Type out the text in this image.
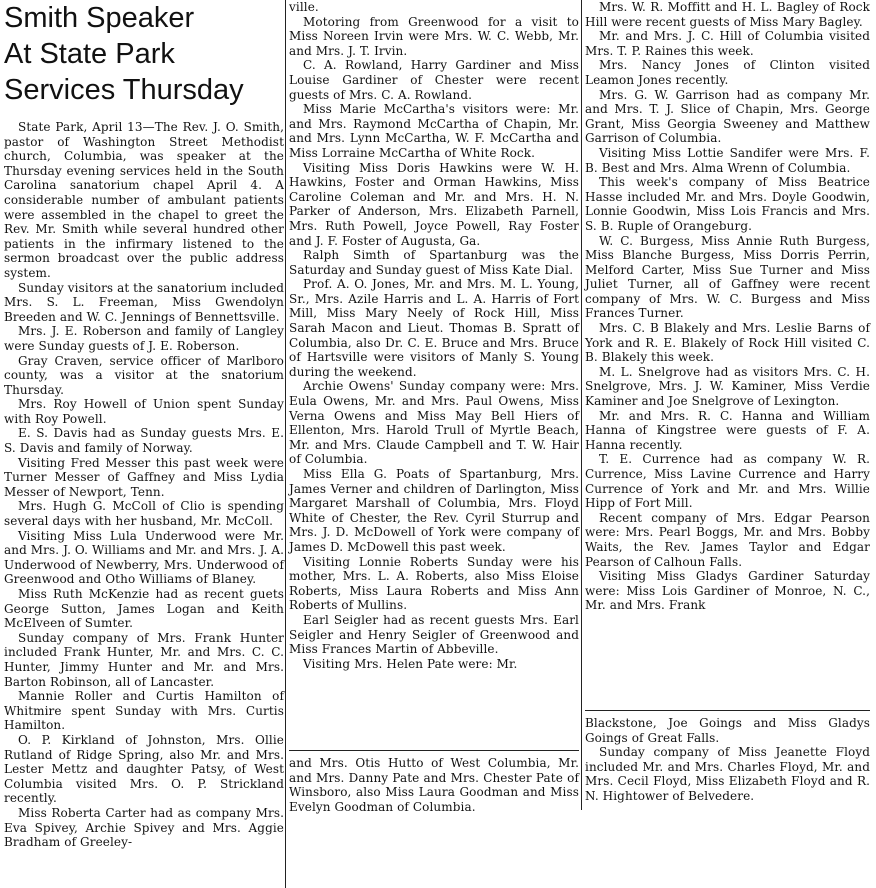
Smith Speaker
At State Park
Services Thursday

State Park, April 13—The Rev. J. O. Smith, pastor of Washington Street Methodist church, Columbia, was speaker at the Thursday evening services held in the South Carolina sanatorium chapel April 4. A considerable number of ambulant patients were assembled in the chapel to greet the Rev. Mr. Smith while several hundred other patients in the infirmary listened to the sermon broadcast over the public address system.

Sunday visitors at the sanatorium included Mrs. S. L. Freeman, Miss Gwendolyn Breeden and W. C. Jennings of Bennettsville.

Mrs. J. E. Roberson and family of Langley were Sunday guests of J. E. Roberson.

Gray Craven, service officer of Marlboro county, was a visitor at the snatorium Thursday.

Mrs. Roy Howell of Union spent Sunday with Roy Powell.

E. S. Davis had as Sunday guests Mrs. E. S. Davis and family of Norway.

Visiting Fred Messer this past week were Turner Messer of Gaffney and Miss Lydia Messer of Newport, Tenn.

Mrs. Hugh G. McColl of Clio is spending several days with her husband, Mr. McColl.

Visiting Miss Lula Underwood were Mr. and Mrs. J. O. Williams and Mr. and Mrs. J. A. Underwood of Newberry, Mrs. Underwood of Greenwood and Otho Williams of Blaney.

Miss Ruth McKenzie had as recent guets George Sutton, James Logan and Keith McElveen of Sumter.

Sunday company of Mrs. Frank Hunter included Frank Hunter, Mr. and Mrs. C. C. Hunter, Jimmy Hunter and Mr. and Mrs. Barton Robinson, all of Lancaster.

Mannie Roller and Curtis Hamilton of Whitmire spent Sunday with Mrs. Curtis Hamilton.

O. P. Kirkland of Johnston, Mrs. Ollie Rutland of Ridge Spring, also Mr. and Mrs. Lester Mettz and daughter Patsy, of West Columbia visited Mrs. O. P. Strickland recently.

Miss Roberta Carter had as company Mrs. Eva Spivey, Archie Spivey and Mrs. Aggie Bradham of Greeley-

ville.

Motoring from Greenwood for a visit to Miss Noreen Irvin were Mrs. W. C. Webb, Mr. and Mrs. J. T. Irvin.

C. A. Rowland, Harry Gardiner and Miss Louise Gardiner of Chester were recent guests of Mrs. C. A. Rowland.

Miss Marie McCartha's visitors were: Mr. and Mrs. Raymond McCartha of Chapin, Mr. and Mrs. Lynn McCartha, W. F. McCartha and Miss Lorraine McCartha of White Rock.

Visiting Miss Doris Hawkins were W. H. Hawkins, Foster and Orman Hawkins, Miss Caroline Coleman and Mr. and Mrs. H. N. Parker of Anderson, Mrs. Elizabeth Parnell, Mrs. Ruth Powell, Joyce Powell, Ray Foster and J. F. Foster of Augusta, Ga.

Ralph Simth of Spartanburg was the Saturday and Sunday guest of Miss Kate Dial.

Prof. A. O. Jones, Mr. and Mrs. M. L. Young, Sr., Mrs. Azile Harris and L. A. Harris of Fort Mill, Miss Mary Neely of Rock Hill, Miss Sarah Macon and Lieut. Thomas B. Spratt of Columbia, also Dr. C. E. Bruce and Mrs. Bruce of Hartsville were visitors of Manly S. Young during the weekend.

Archie Owens' Sunday company were: Mrs. Eula Owens, Mr. and Mrs. Paul Owens, Miss Verna Owens and Miss May Bell Hiers of Ellenton, Mrs. Harold Trull of Myrtle Beach, Mr. and Mrs. Claude Campbell and T. W. Hair of Columbia.

Miss Ella G. Poats of Spartanburg, Mrs. James Verner and children of Darlington, Miss Margaret Marshall of Columbia, Mrs. Floyd White of Chester, the Rev. Cyril Sturrup and Mrs. J. D. McDowell of York were company of James D. McDowell this past week.

Visiting Lonnie Roberts Sunday were his mother, Mrs. L. A. Roberts, also Miss Eloise Roberts, Miss Laura Roberts and Miss Ann Roberts of Mullins.

Earl Seigler had as recent guests Mrs. Earl Seigler and Henry Seigler of Greenwood and Miss Frances Martin of Abbeville.

Visiting Mrs. Helen Pate were: Mr.

and Mrs. Otis Hutto of West Columbia, Mr. and Mrs. Danny Pate and Mrs. Chester Pate of Winsboro, also Miss Laura Goodman and Miss Evelyn Goodman of Columbia.

Mrs. W. R. Moffitt and H. L. Bagley of Rock Hill were recent guests of Miss Mary Bagley.

Mr. and Mrs. J. C. Hill of Columbia visited Mrs. T. P. Raines this week.

Mrs. Nancy Jones of Clinton visited Leamon Jones recently.

Mrs. G. W. Garrison had as company Mr. and Mrs. T. J. Slice of Chapin, Mrs. George Grant, Miss Georgia Sweeney and Matthew Garrison of Columbia.

Visiting Miss Lottie Sandifer were Mrs. F. B. Best and Mrs. Alma Wrenn of Columbia.

This week's company of Miss Beatrice Hasse included Mr. and Mrs. Doyle Goodwin, Lonnie Goodwin, Miss Lois Francis and Mrs. S. B. Ruple of Orangeburg.

W. C. Burgess, Miss Annie Ruth Burgess, Miss Blanche Burgess, Miss Dorris Perrin, Melford Carter, Miss Sue Turner and Miss Juliet Turner, all of Gaffney were recent company of Mrs. W. C. Burgess and Miss Frances Turner.

Mrs. C. B Blakely and Mrs. Leslie Barns of York and R. E. Blakely of Rock Hill visited C. B. Blakely this week.

M. L. Snelgrove had as visitors Mrs. C. H. Snelgrove, Mrs. J. W. Kaminer, Miss Verdie Kaminer and Joe Snelgrove of Lexington.

Mr. and Mrs. R. C. Hanna and William Hanna of Kingstree were guests of F. A. Hanna recently.

T. E. Currence had as company W. R. Currence, Miss Lavine Currence and Harry Currence of York and Mr. and Mrs. Willie Hipp of Fort Mill.

Recent company of Mrs. Edgar Pearson were: Mrs. Pearl Boggs, Mr. and Mrs. Bobby Waits, the Rev. James Taylor and Edgar Pearson of Calhoun Falls.

Visiting Miss Gladys Gardiner Saturday were: Miss Lois Gardiner of Monroe, N. C., Mr. and Mrs. Frank

Blackstone, Joe Goings and Miss Gladys Goings of Great Falls.

Sunday company of Miss Jeanette Floyd included Mr. and Mrs. Charles Floyd, Mr. and Mrs. Cecil Floyd, Miss Elizabeth Floyd and R. N. Hightower of Belvedere.
